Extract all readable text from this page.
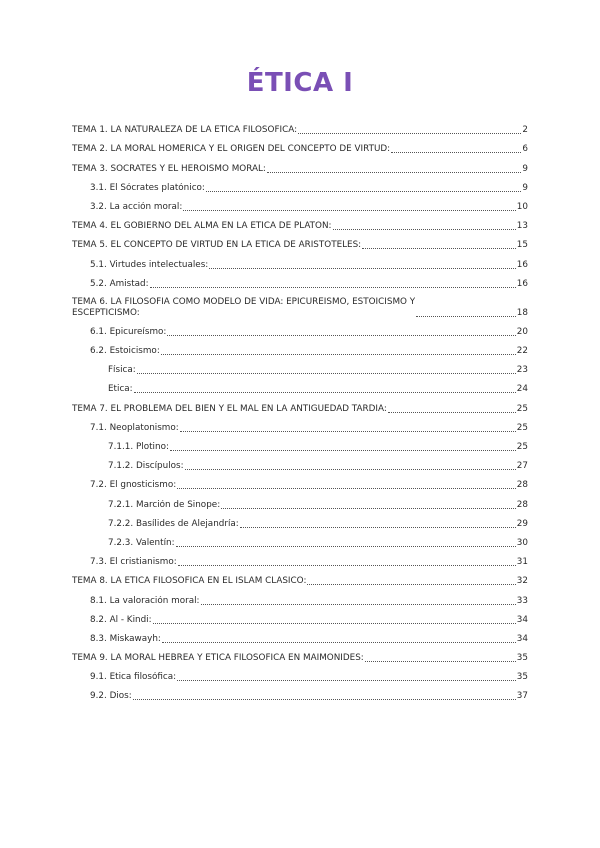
ÉTICA I
TEMA 1. LA NATURALEZA DE LA ÉTICA FILOSÓFICA:	2
TEMA 2. LA MORAL HOMÉRICA Y EL ORIGEN DEL CONCEPTO DE VIRTUD:	6
TEMA 3. SÓCRATES Y EL HEROÍSMO MORAL:	9
3.1. El Sócrates platónico:	9
3.2. La acción moral:	10
TEMA 4. EL GOBIERNO DEL ALMA EN LA ÉTICA DE PLATÓN:	13
TEMA 5. EL CONCEPTO DE VIRTUD EN LA ÉTICA DE ARISTÓTELES:	15
5.1. Virtudes intelectuales:	16
5.2. Amistad:	16
TEMA 6. LA FILOSOFÍA COMO MODELO DE VIDA: EPICUREÍSMO, ESTOICISMO Y
ESCEPTICISMO:	18
6.1. Epicureísmo:	20
6.2. Estoicismo:	22
Física:	23
Ética:	24
TEMA 7. EL PROBLEMA DEL BIEN Y EL MAL EN LA ANTIGÜEDAD TARDÍA:	25
7.1. Neoplatonismo:	25
7.1.1. Plotino:	25
7.1.2. Discípulos:	27
7.2. El gnosticismo:	28
7.2.1. Marción de Sinope:	28
7.2.2. Basílides de Alejandría:	29
7.2.3. Valentín:	30
7.3. El cristianismo:	31
TEMA 8. LA ÉTICA FILOSÓFICA EN EL ISLAM CLÁSICO:	32
8.1. La valoración moral:	33
8.2. Al - Kindi:	34
8.3. Miskawayh:	34
TEMA 9. LA MORAL HEBREA Y ÉTICA FILOSÓFICA EN MAIMÓNIDES:	35
9.1. Ética filosófica:	35
9.2. Dios:	37
